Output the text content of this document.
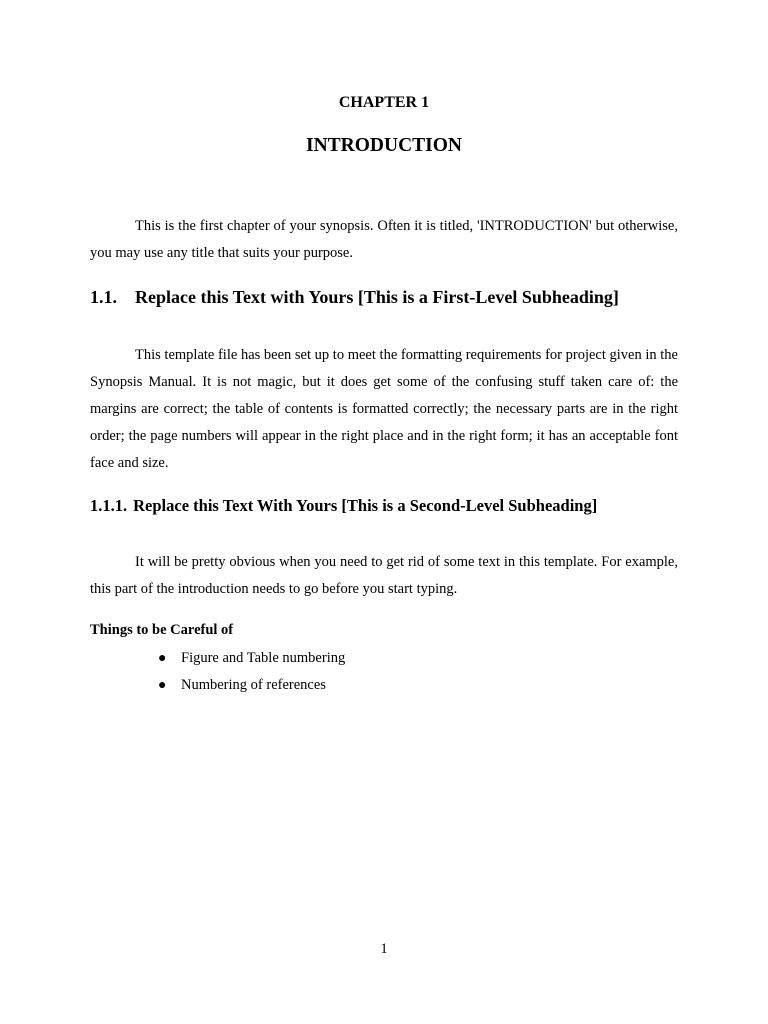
CHAPTER 1
INTRODUCTION

This is the first chapter of your synopsis. Often it is titled, 'INTRODUCTION' but otherwise, you may use any title that suits your purpose.

1.1. Replace this Text with Yours [This is a First-Level Subheading]

This template file has been set up to meet the formatting requirements for project given in the Synopsis Manual. It is not magic, but it does get some of the confusing stuff taken care of: the margins are correct; the table of contents is formatted correctly; the necessary parts are in the right order; the page numbers will appear in the right place and in the right form; it has an acceptable font face and size.

1.1.1. Replace this Text With Yours [This is a Second-Level Subheading]

It will be pretty obvious when you need to get rid of some text in this template. For example, this part of the introduction needs to go before you start typing.

Things to be Careful of
● Figure and Table numbering
● Numbering of references
1
